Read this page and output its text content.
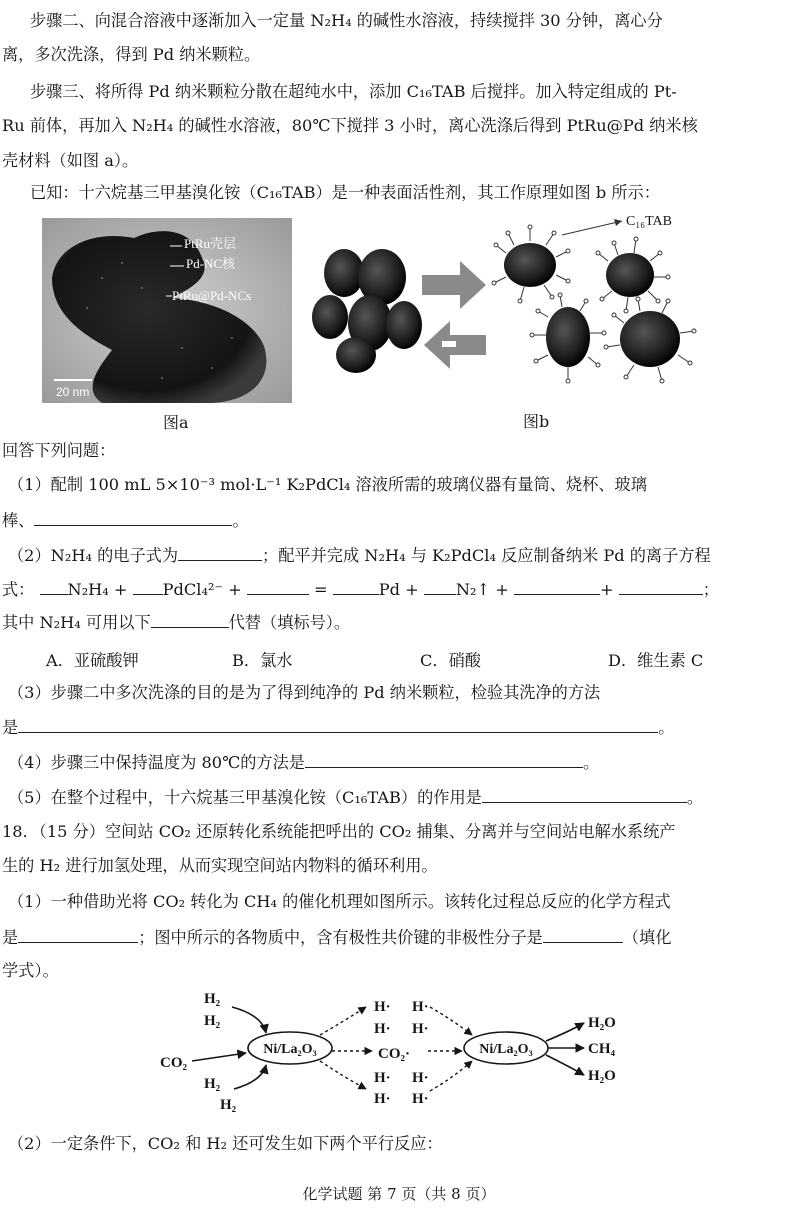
步骤二、向混合溶液中逐渐加入一定量 N₂H₄ 的碱性水溶液，持续搅拌 30 分钟，离心分
离，多次洗涤，得到 Pd 纳米颗粒。
步骤三、将所得 Pd 纳米颗粒分散在超纯水中，添加 C₁₆TAB 后搅拌。加入特定组成的 Pt-
Ru 前体，再加入 N₂H₄ 的碱性水溶液，80℃下搅拌 3 小时，离心洗涤后得到 PtRu@Pd 纳米核
壳材料（如图 a）。
已知：十六烷基三甲基溴化铵（C₁₆TAB）是一种表面活性剂，其工作原理如图 b 所示：
PtRu壳层
Pd-NC核
PtRu@Pd-NCs
20 nm
图a
C₁₆TAB
图b
回答下列问题：
（1）配制 100 mL 5×10⁻³ mol·L⁻¹ K₂PdCl₄ 溶液所需的玻璃仪器有量筒、烧杯、玻璃
棒、	。
（2）N₂H₄ 的电子式为	；配平并完成 N₂H₄ 与 K₂PdCl₄ 反应制备纳米 Pd 的离子方程
式： N₂H₄ + PdCl₄²⁻ +	=	Pd + N₂↑ +	+	；
其中 N₂H₄ 可用以下	代替（填标号）。
A．亚硫酸钾	B．氯水	C．硝酸	D．维生素 C
（3）步骤二中多次洗涤的目的是为了得到纯净的 Pd 纳米颗粒，检验其洗净的方法
是	。
（4）步骤三中保持温度为 80℃的方法是	。
（5）在整个过程中，十六烷基三甲基溴化铵（C₁₆TAB）的作用是	。
18．（15 分）空间站 CO₂ 还原转化系统能把呼出的 CO₂ 捕集、分离并与空间站电解水系统产
生的 H₂ 进行加氢处理，从而实现空间站内物料的循环利用。
（1）一种借助光将 CO₂ 转化为 CH₄ 的催化机理如图所示。该转化过程总反应的化学方程式
是	；图中所示的各物质中，含有极性共价键的非极性分子是	（填化
学式）。
H₂
H₂
CO₂
H₂
H₂
H· H·
H· H·
CO₂·
H· H·
H· H·
H₂O
CH₄
H₂O
Ni/La₂O₃	Ni/La₂O₃
（2）一定条件下，CO₂ 和 H₂ 还可发生如下两个平行反应：
化学试题 第 7 页（共 8 页）
